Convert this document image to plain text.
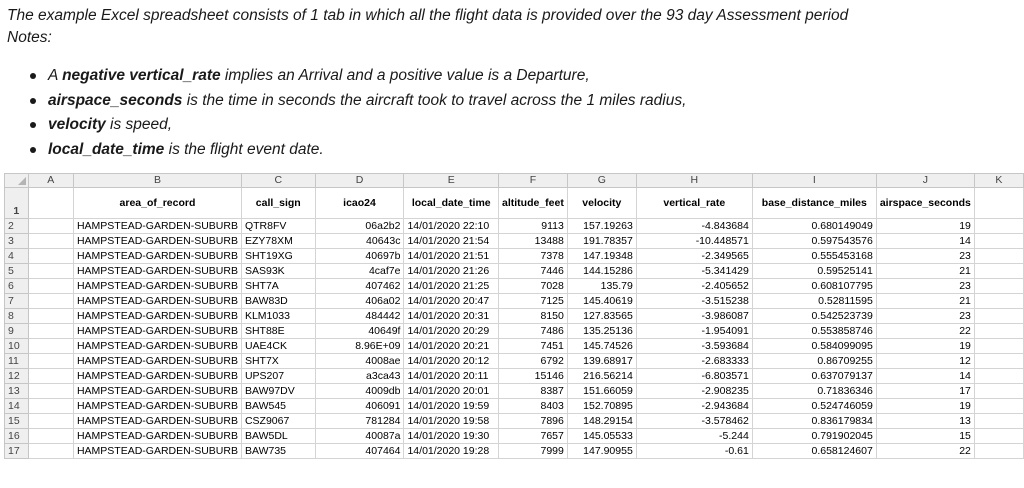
The example Excel spreadsheet consists of 1 tab in which all the flight data is provided over the 93 day Assessment period

Notes:

A negative vertical_rate implies an Arrival and a positive value is a Departure,
airspace_seconds is the time in seconds the aircraft took to travel across the 1 miles radius,
velocity is speed,
local_date_time is the flight event date.
	A	B	C	D	E	F	G	H	I	J	K
1		area_of_record	call_sign	icao24	local_date_time	altitude_feet	velocity	vertical_rate	base_distance_miles	airspace_seconds	
2		HAMPSTEAD-GARDEN-SUBURB	QTR8FV	06a2b2	14/01/2020 22:10	9113	157.19263	-4.843684	0.680149049	19	
3		HAMPSTEAD-GARDEN-SUBURB	EZY78XM	40643c	14/01/2020 21:54	13488	191.78357	-10.448571	0.597543576	14	
4		HAMPSTEAD-GARDEN-SUBURB	SHT19XG	40697b	14/01/2020 21:51	7378	147.19348	-2.349565	0.555453168	23	
5		HAMPSTEAD-GARDEN-SUBURB	SAS93K	4caf7e	14/01/2020 21:26	7446	144.15286	-5.341429	0.59525141	21	
6		HAMPSTEAD-GARDEN-SUBURB	SHT7A	407462	14/01/2020 21:25	7028	135.79	-2.405652	0.608107795	23	
7		HAMPSTEAD-GARDEN-SUBURB	BAW83D	406a02	14/01/2020 20:47	7125	145.40619	-3.515238	0.52811595	21	
8		HAMPSTEAD-GARDEN-SUBURB	KLM1033	484442	14/01/2020 20:31	8150	127.83565	-3.986087	0.542523739	23	
9		HAMPSTEAD-GARDEN-SUBURB	SHT88E	40649f	14/01/2020 20:29	7486	135.25136	-1.954091	0.553858746	22	
10		HAMPSTEAD-GARDEN-SUBURB	UAE4CK	8.96E+09	14/01/2020 20:21	7451	145.74526	-3.593684	0.584099095	19	
11		HAMPSTEAD-GARDEN-SUBURB	SHT7X	4008ae	14/01/2020 20:12	6792	139.68917	-2.683333	0.86709255	12	
12		HAMPSTEAD-GARDEN-SUBURB	UPS207	a3ca43	14/01/2020 20:11	15146	216.56214	-6.803571	0.637079137	14	
13		HAMPSTEAD-GARDEN-SUBURB	BAW97DV	4009db	14/01/2020 20:01	8387	151.66059	-2.908235	0.71836346	17	
14		HAMPSTEAD-GARDEN-SUBURB	BAW545	406091	14/01/2020 19:59	8403	152.70895	-2.943684	0.524746059	19	
15		HAMPSTEAD-GARDEN-SUBURB	CSZ9067	781284	14/01/2020 19:58	7896	148.29154	-3.578462	0.836179834	13	
16		HAMPSTEAD-GARDEN-SUBURB	BAW5DL	40087a	14/01/2020 19:30	7657	145.05533	-5.244	0.791902045	15	
17		HAMPSTEAD-GARDEN-SUBURB	BAW735	407464	14/01/2020 19:28	7999	147.90955	-0.61	0.658124607	22	
